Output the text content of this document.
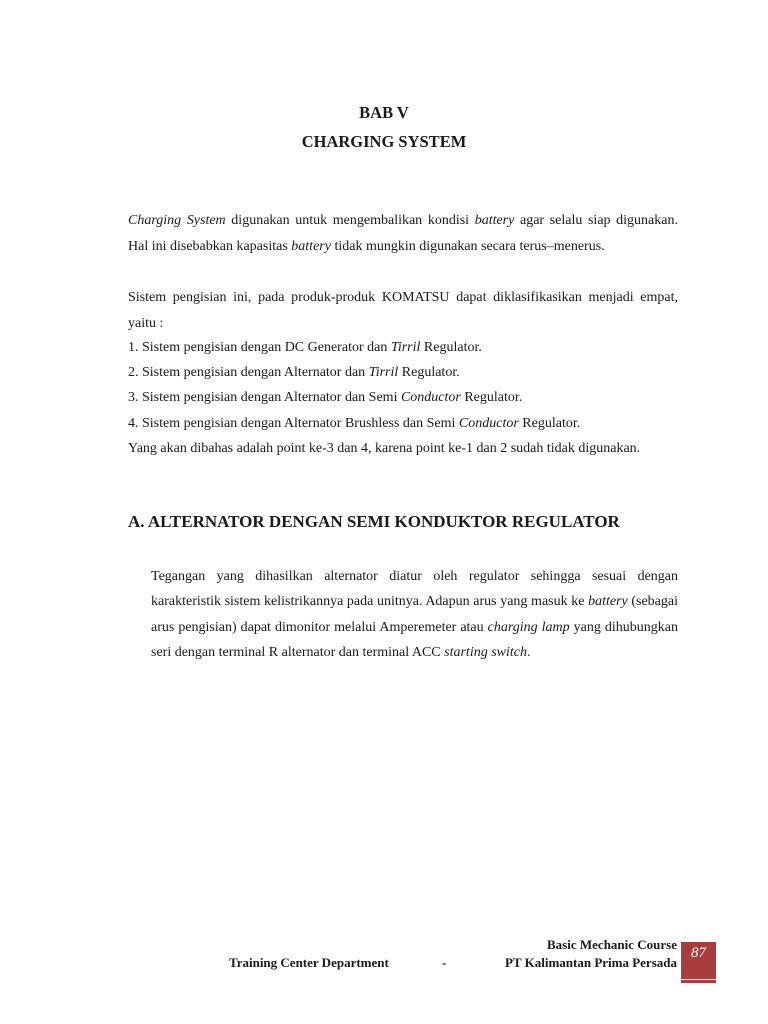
BAB V
CHARGING SYSTEM

Charging System digunakan untuk mengembalikan kondisi battery agar selalu siap digunakan. Hal ini disebabkan kapasitas battery tidak mungkin digunakan secara terus–menerus.

Sistem pengisian ini, pada produk-produk KOMATSU dapat diklasifikasikan menjadi empat, yaitu :

1. Sistem pengisian dengan DC Generator dan Tirril Regulator.

2. Sistem pengisian dengan Alternator dan Tirril Regulator.

3. Sistem pengisian dengan Alternator dan Semi Conductor Regulator.

4. Sistem pengisian dengan Alternator Brushless dan Semi Conductor Regulator.

Yang akan dibahas adalah point ke-3 dan 4, karena point ke-1 dan 2 sudah tidak digunakan.

A. ALTERNATOR DENGAN SEMI KONDUKTOR REGULATOR

Tegangan yang dihasilkan alternator diatur oleh regulator sehingga sesuai dengan karakteristik sistem kelistrikannya pada unitnya. Adapun arus yang masuk ke battery (sebagai arus pengisian) dapat dimonitor melalui Amperemeter atau charging lamp yang dihubungkan seri dengan terminal R alternator dan terminal ACC starting switch.

Basic Mechanic Course
Training Center Department	-	PT Kalimantan Prima Persada
87
